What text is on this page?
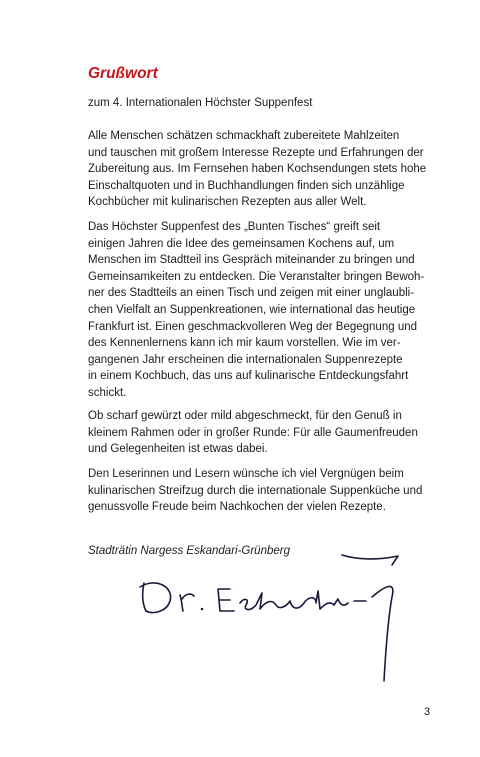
Grußwort

zum 4. Internationalen Höchster Suppenfest

Alle Menschen schätzen schmackhaft zubereitete Mahlzeiten
und tauschen mit großem Interesse Rezepte und Erfahrungen der
Zubereitung aus. Im Fernsehen haben Kochsendungen stets hohe
Einschaltquoten und in Buchhandlungen finden sich unzählige
Kochbücher mit kulinarischen Rezepten aus aller Welt.

Das Höchster Suppenfest des „Bunten Tisches“ greift seit
einigen Jahren die Idee des gemeinsamen Kochens auf, um
Menschen im Stadtteil ins Gespräch miteinander zu bringen und
Gemeinsamkeiten zu entdecken. Die Veranstalter bringen Bewoh-
ner des Stadtteils an einen Tisch und zeigen mit einer unglaubli-
chen Vielfalt an Suppenkreationen, wie international das heutige
Frankfurt ist. Einen geschmackvolleren Weg der Begegnung und
des Kennenlernens kann ich mir kaum vorstellen. Wie im ver-
gangenen Jahr erscheinen die internationalen Suppenrezepte
in einem Kochbuch, das uns auf kulinarische Entdeckungsfahrt
schickt.

Ob scharf gewürzt oder mild abgeschmeckt, für den Genuß in
kleinem Rahmen oder in großer Runde: Für alle Gaumenfreuden
und Gelegenheiten ist etwas dabei.

Den Leserinnen und Lesern wünsche ich viel Vergnügen beim
kulinarischen Streifzug durch die internationale Suppenküche und
genussvolle Freude beim Nachkochen der vielen Rezepte.

Stadträtin Nargess Eskandari-Grünberg

3
